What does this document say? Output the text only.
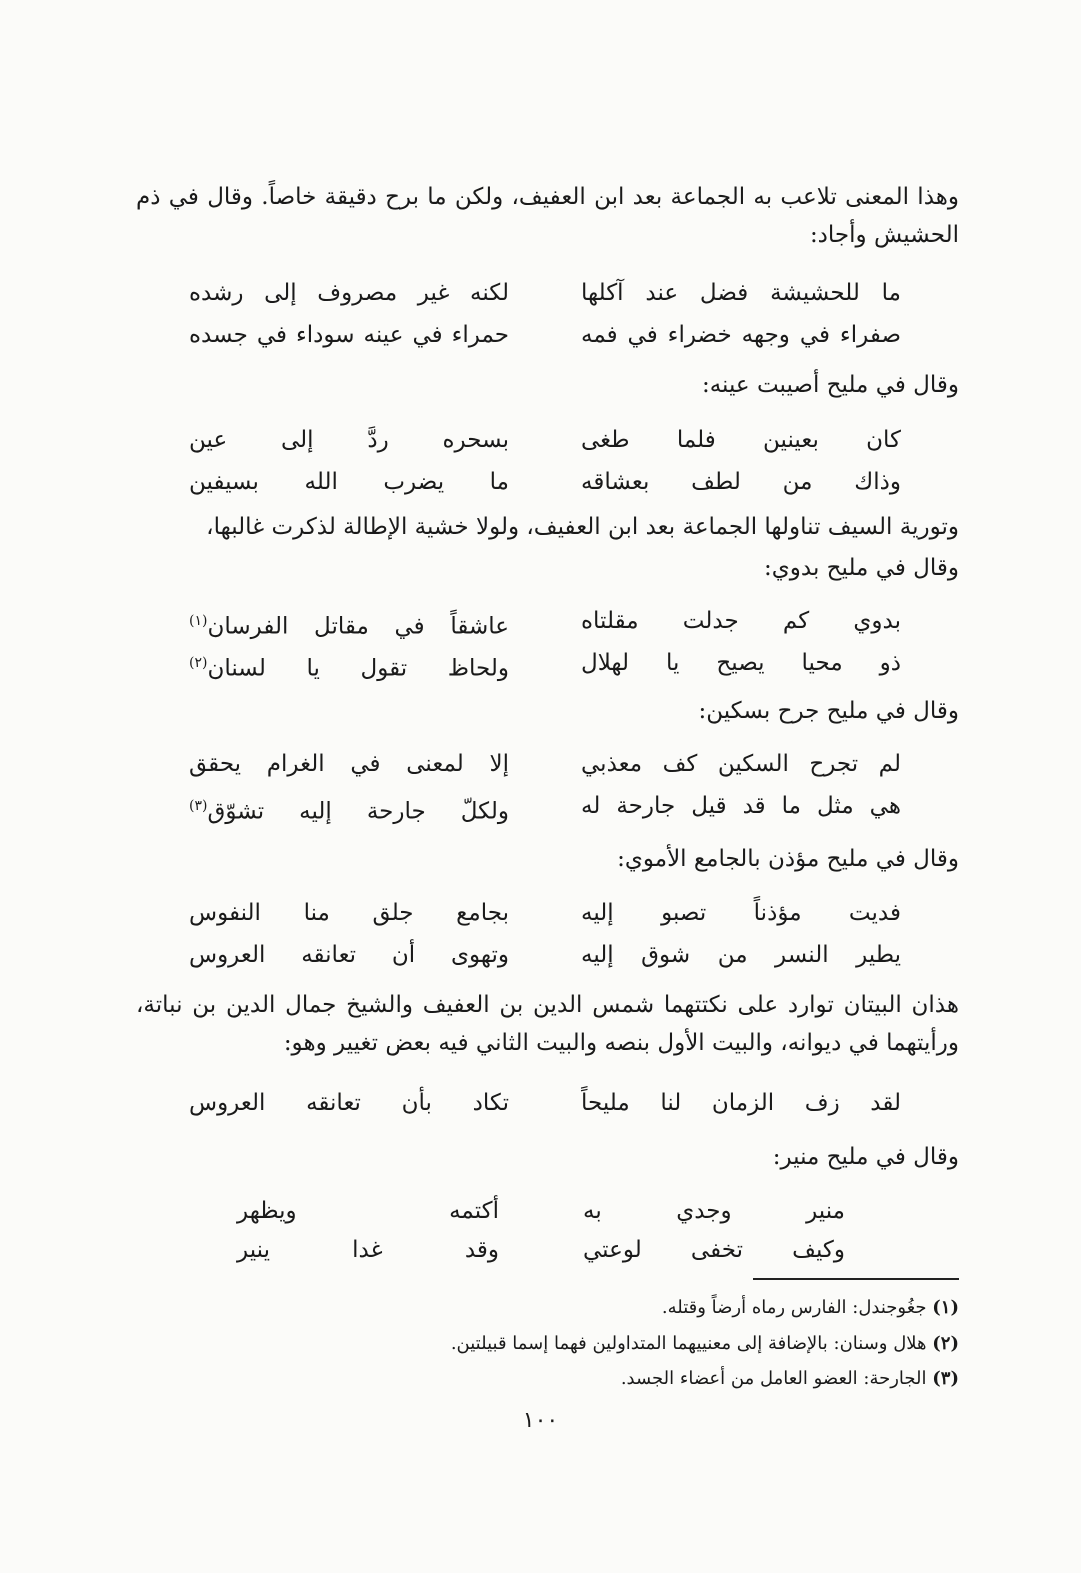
وهذا المعنى تلاعب به الجماعة بعد ابن العفيف، ولكن ما برح دقيقة خاصاً. وقال في ذم الحشيش وأجاد:
ما للحشيشة فضل عند آكلها
لكنه غير مصروف إلى رشده
صفراء في وجهه خضراء في فمه
حمراء في عينه سوداء في جسده
وقال في مليح أصيبت عينه:
كان بعينين فلما طغى
بسحره ردَّ إلى عين
وذاك من لطف بعشاقه
ما يضرب الله بسيفين
وتورية السيف تناولها الجماعة بعد ابن العفيف، ولولا خشية الإطالة لذكرت غالبها،
وقال في مليح بدوي:
بدوي كم جدلت مقلتاه
عاشقاً في مقاتل الفرسان$^{(١)}$
ذو محيا يصيح يا لهلال
ولحاظ تقول يا لسنان$^{(٢)}$
وقال في مليح جرح بسكين:
لم تجرح السكين كف معذبي
إلا لمعنى في الغرام يحقق
هي مثل ما قد قيل جارحة له
ولكلّ جارحة إليه تشوّق$^{(٣)}$
وقال في مليح مؤذن بالجامع الأموي:
فديت مؤذناً تصبو إليه
بجامع جلق منا النفوس
يطير النسر من شوق إليه
وتهوى أن تعانقه العروس
هذان البيتان توارد على نكتتهما شمس الدين بن العفيف والشيخ جمال الدين بن نباتة، ورأيتهما في ديوانه، والبيت الأول بنصه والبيت الثاني فيه بعض تغيير وهو:
لقد زف الزمان لنا مليحاً
تكاد بأن تعانقه العروس
وقال في مليح منير:
منير وجدي به
أكتمه ويظهر
وكيف تخفى لوعتي
وقد غدا ينير
(١) جغُوجندل: الفارس رماه أرضاً وقتله.
(٢) هلال وسنان: بالإضافة إلى معنييهما المتداولين فهما إسما قبيلتين.
(٣) الجارحة: العضو العامل من أعضاء الجسد.
١٠٠
